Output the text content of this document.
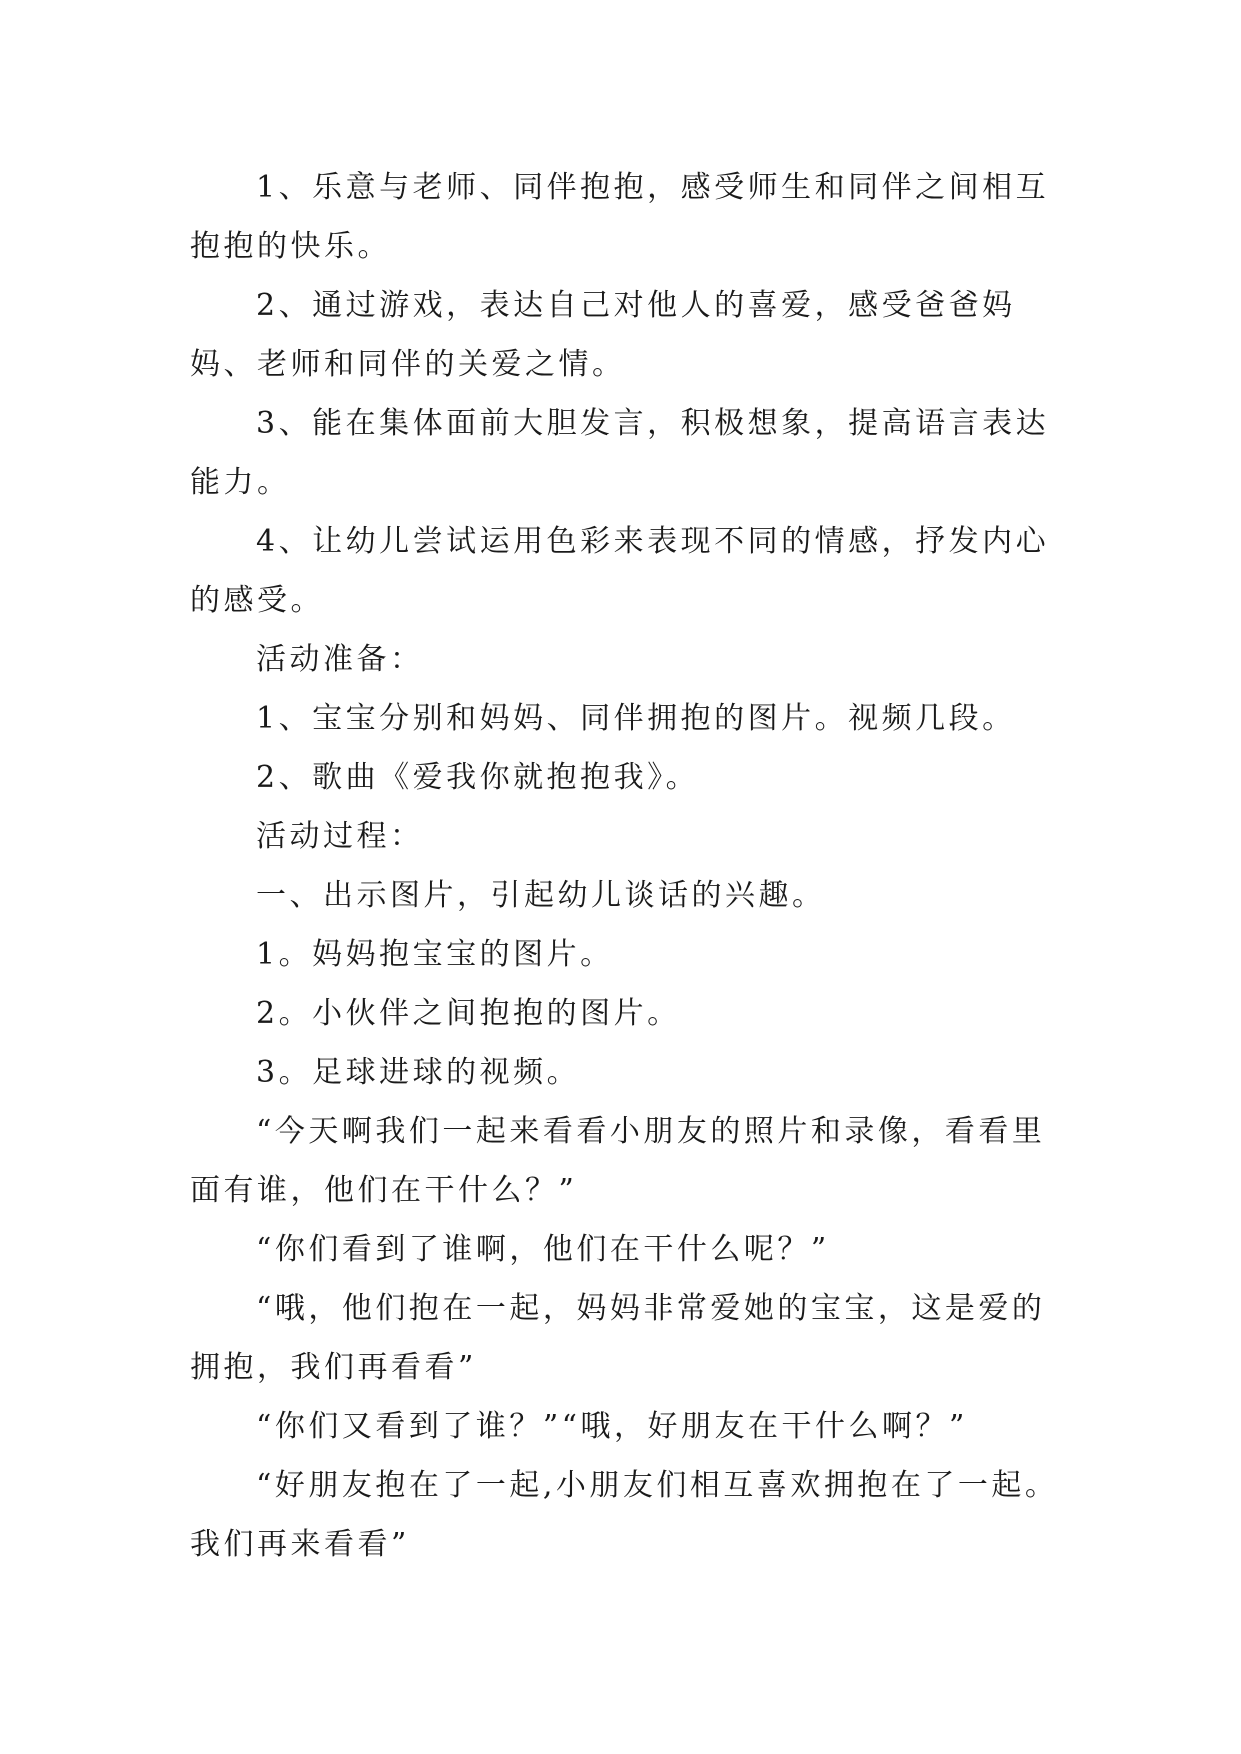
1、乐意与老师、同伴抱抱，感受师生和同伴之间相互抱抱的快乐。

2、通过游戏，表达自己对他人的喜爱，感受爸爸妈妈、老师和同伴的关爱之情。

3、能在集体面前大胆发言，积极想象，提高语言表达能力。

4、让幼儿尝试运用色彩来表现不同的情感，抒发内心的感受。

活动准备：

1、宝宝分别和妈妈、同伴拥抱的图片。视频几段。

2、歌曲《爱我你就抱抱我》。

活动过程：

一、出示图片，引起幼儿谈话的兴趣。

1。妈妈抱宝宝的图片。

2。小伙伴之间抱抱的图片。

3。足球进球的视频。

“今天啊我们一起来看看小朋友的照片和录像，看看里面有谁，他们在干什么？”

“你们看到了谁啊，他们在干什么呢？”

“哦，他们抱在一起，妈妈非常爱她的宝宝，这是爱的拥抱，我们再看看”

“你们又看到了谁？”“哦，好朋友在干什么啊？”

“好朋友抱在了一起,小朋友们相互喜欢拥抱在了一起。我们再来看看”
